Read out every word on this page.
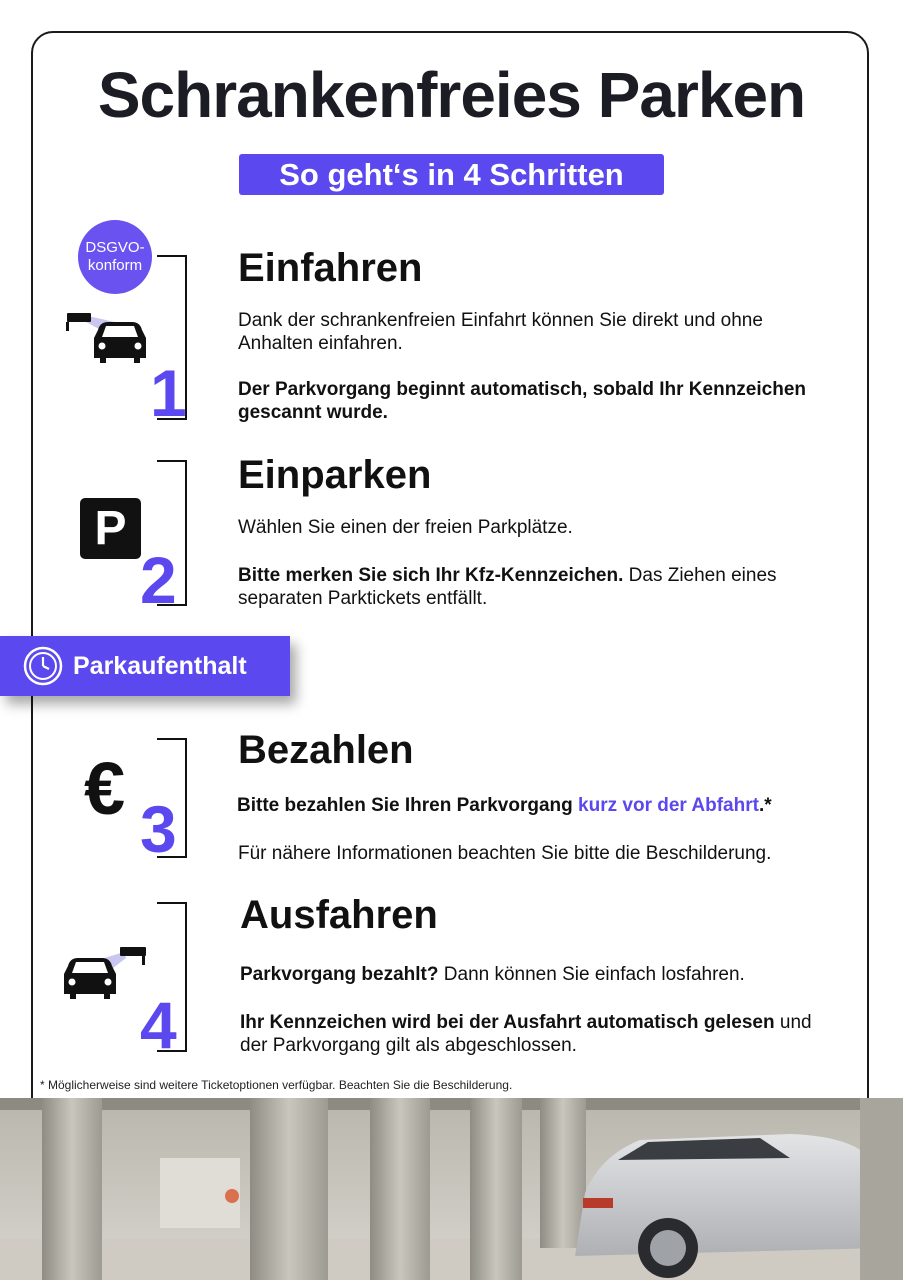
Schrankenfreies Parken
So geht‘s in 4 Schritten
DSGVO-
konform
1
Einfahren
Dank der schrankenfreien Einfahrt können Sie direkt und ohne Anhalten einfahren.
Der Parkvorgang beginnt automatisch, sobald Ihr Kennzeichen gescannt wurde.
P
2
Einparken
Wählen Sie einen der freien Parkplätze.
Bitte merken Sie sich Ihr Kfz-Kennzeichen. Das Ziehen eines separaten Parktickets entfällt.
Parkaufenthalt
€ 3
Bezahlen
Bitte bezahlen Sie Ihren Parkvorgang kurz vor der Abfahrt.*
Für nähere Informationen beachten Sie bitte die Beschilderung.
4
Ausfahren
Parkvorgang bezahlt? Dann können Sie einfach losfahren.
Ihr Kennzeichen wird bei der Ausfahrt automatisch gelesen und der Parkvorgang gilt als abgeschlossen.
* Möglicherweise sind weitere Ticketoptionen verfügbar. Beachten Sie die Beschilderung.
